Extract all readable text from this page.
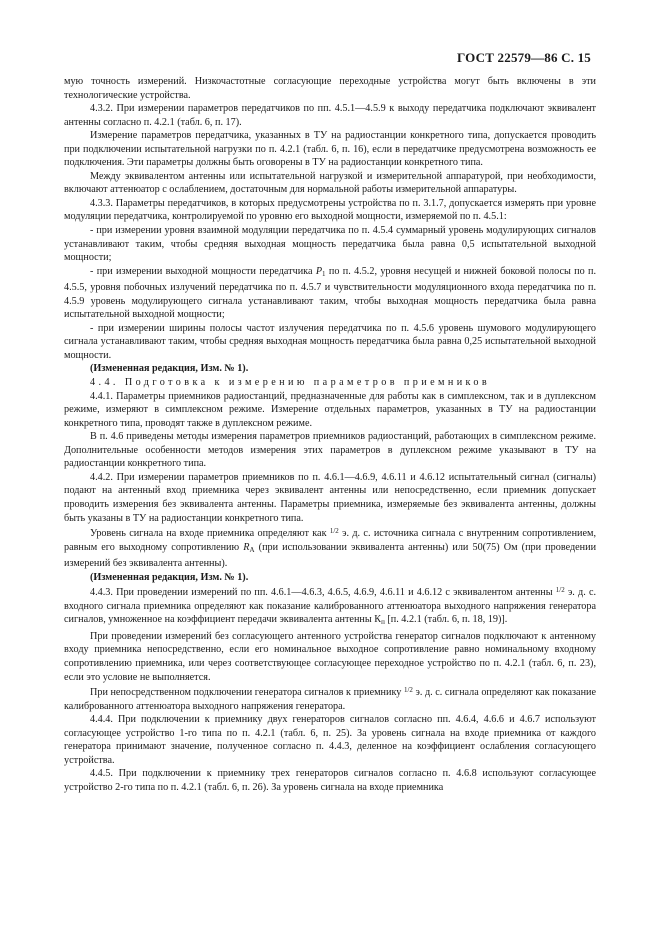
ГОСТ 22579—86 С. 15

мую точность измерений. Низкочастотные согласующие переходные устройства могут быть включены в эти технологические устройства.

4.3.2. При измерении параметров передатчиков по пп. 4.5.1—4.5.9 к выходу передатчика подключают эквивалент антенны согласно п. 4.2.1 (табл. 6, п. 17).

Измерение параметров передатчика, указанных в ТУ на радиостанции конкретного типа, допускается проводить при подключении испытательной нагрузки по п. 4.2.1 (табл. 6, п. 16), если в передатчике предусмотрена возможность ее подключения. Эти параметры должны быть оговорены в ТУ на радиостанции конкретного типа.

Между эквивалентом антенны или испытательной нагрузкой и измерительной аппаратурой, при необходимости, включают аттенюатор с ослаблением, достаточным для нормальной работы измерительной аппаратуры.

4.3.3. Параметры передатчиков, в которых предусмотрены устройства по п. 3.1.7, допускается измерять при уровне модуляции передатчика, контролируемой по уровню его выходной мощности, измеряемой по п. 4.5.1:

- при измерении уровня взаимной модуляции передатчика по п. 4.5.4 суммарный уровень модулирующих сигналов устанавливают таким, чтобы средняя выходная мощность передатчика была равна 0,5 испытательной выходной мощности;

- при измерении выходной мощности передатчика $P_1$ по п. 4.5.2, уровня несущей и нижней боковой полосы по п. 4.5.5, уровня побочных излучений передатчика по п. 4.5.7 и чувствительности модуляционного входа передатчика по п. 4.5.9 уровень модулирующего сигнала устанавливают таким, чтобы выходная мощность передатчика была равна испытательной выходной мощности;

- при измерении ширины полосы частот излучения передатчика по п. 4.5.6 уровень шумового модулирующего сигнала устанавливают таким, чтобы средняя выходная мощность передатчика была равна 0,25 испытательной выходной мощности.

(Измененная редакция, Изм. № 1).

4.4. Подготовка к измерению параметров приемников

4.4.1. Параметры приемников радиостанций, предназначенные для работы как в симплексном, так и в дуплексном режиме, измеряют в симплексном режиме. Измерение отдельных параметров, указанных в ТУ на радиостанции конкретного типа, проводят также в дуплексном режиме.

В п. 4.6 приведены методы измерения параметров приемников радиостанций, работающих в симплексном режиме. Дополнительные особенности методов измерения этих параметров в дуплексном режиме указывают в ТУ на радиостанции конкретного типа.

4.4.2. При измерении параметров приемников по п. 4.6.1—4.6.9, 4.6.11 и 4.6.12 испытательный сигнал (сигналы) подают на антенный вход приемника через эквивалент антенны или непосредственно, если приемник допускает проводить измерения без эквивалента антенны. Параметры приемника, измеряемые без эквивалента антенны, должны быть указаны в ТУ на радиостанции конкретного типа.

Уровень сигнала на входе приемника определяют как $^{1/2}$ э. д. с. источника сигнала с внутренним сопротивлением, равным его выходному сопротивлению $R_А$ (при использовании эквивалента антенны) или 50(75) Ом (при проведении измерений без эквивалента антенны).

(Измененная редакция, Изм. № 1).

4.4.3. При проведении измерений по пп. 4.6.1—4.6.3, 4.6.5, 4.6.9, 4.6.11 и 4.6.12 с эквивалентом антенны $^{1/2}$ э. д. с. входного сигнала приемника определяют как показание калиброванного аттенюатора выходного напряжения генератора сигналов, умноженное на коэффициент передачи эквивалента антенны $К_п$ [п. 4.2.1 (табл. 6, п. 18, 19)].

При проведении измерений без согласующего антенного устройства генератор сигналов подключают к антенному входу приемника непосредственно, если его номинальное выходное сопротивление равно номинальному входному сопротивлению приемника, или через соответствующее согласующее переходное устройство по п. 4.2.1 (табл. 6, п. 23), если это условие не выполняется.

При непосредственном подключении генератора сигналов к приемнику $^{1/2}$ э. д. с. сигнала определяют как показание калиброванного аттенюатора выходного напряжения генератора.

4.4.4. При подключении к приемнику двух генераторов сигналов согласно пп. 4.6.4, 4.6.6 и 4.6.7 используют согласующее устройство 1-го типа по п. 4.2.1 (табл. 6, п. 25). За уровень сигнала на входе приемника от каждого генератора принимают значение, полученное согласно п. 4.4.3, деленное на коэффициент ослабления согласующего устройства.

4.4.5. При подключении к приемнику трех генераторов сигналов согласно п. 4.6.8 используют согласующее устройство 2-го типа по п. 4.2.1 (табл. 6, п. 26). За уровень сигнала на входе приемника
